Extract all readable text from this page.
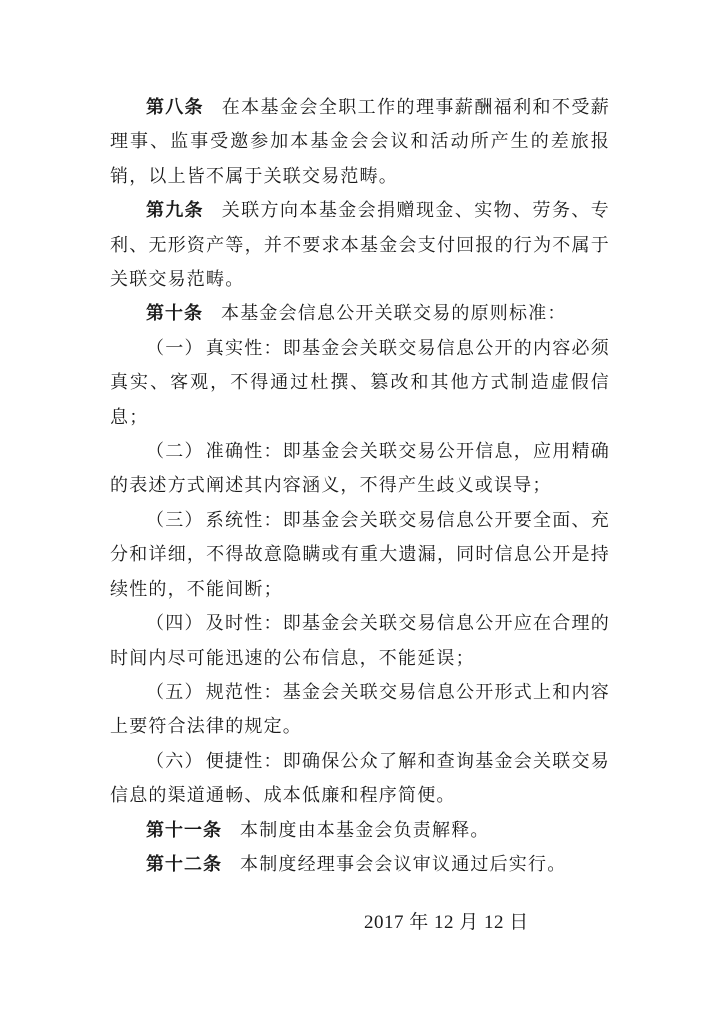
第八条 在本基金会全职工作的理事薪酬福利和不受薪理事、监事受邀参加本基金会会议和活动所产生的差旅报销，以上皆不属于关联交易范畴。

第九条 关联方向本基金会捐赠现金、实物、劳务、专利、无形资产等，并不要求本基金会支付回报的行为不属于关联交易范畴。

第十条 本基金会信息公开关联交易的原则标准：

（一） 真实性：即基金会关联交易信息公开的内容必须真实、客观，不得通过杜撰、篡改和其他方式制造虚假信息；

（二） 准确性：即基金会关联交易公开信息，应用精确的表述方式阐述其内容涵义，不得产生歧义或误导；

（三） 系统性：即基金会关联交易信息公开要全面、充分和详细，不得故意隐瞒或有重大遗漏，同时信息公开是持续性的，不能间断；

（四） 及时性：即基金会关联交易信息公开应在合理的时间内尽可能迅速的公布信息，不能延误；

（五） 规范性：基金会关联交易信息公开形式上和内容上要符合法律的规定。

（六） 便捷性：即确保公众了解和查询基金会关联交易信息的渠道通畅、成本低廉和程序简便。

第十一条 本制度由本基金会负责解释。

第十二条 本制度经理事会会议审议通过后实行。

2017 年 12 月 12 日
